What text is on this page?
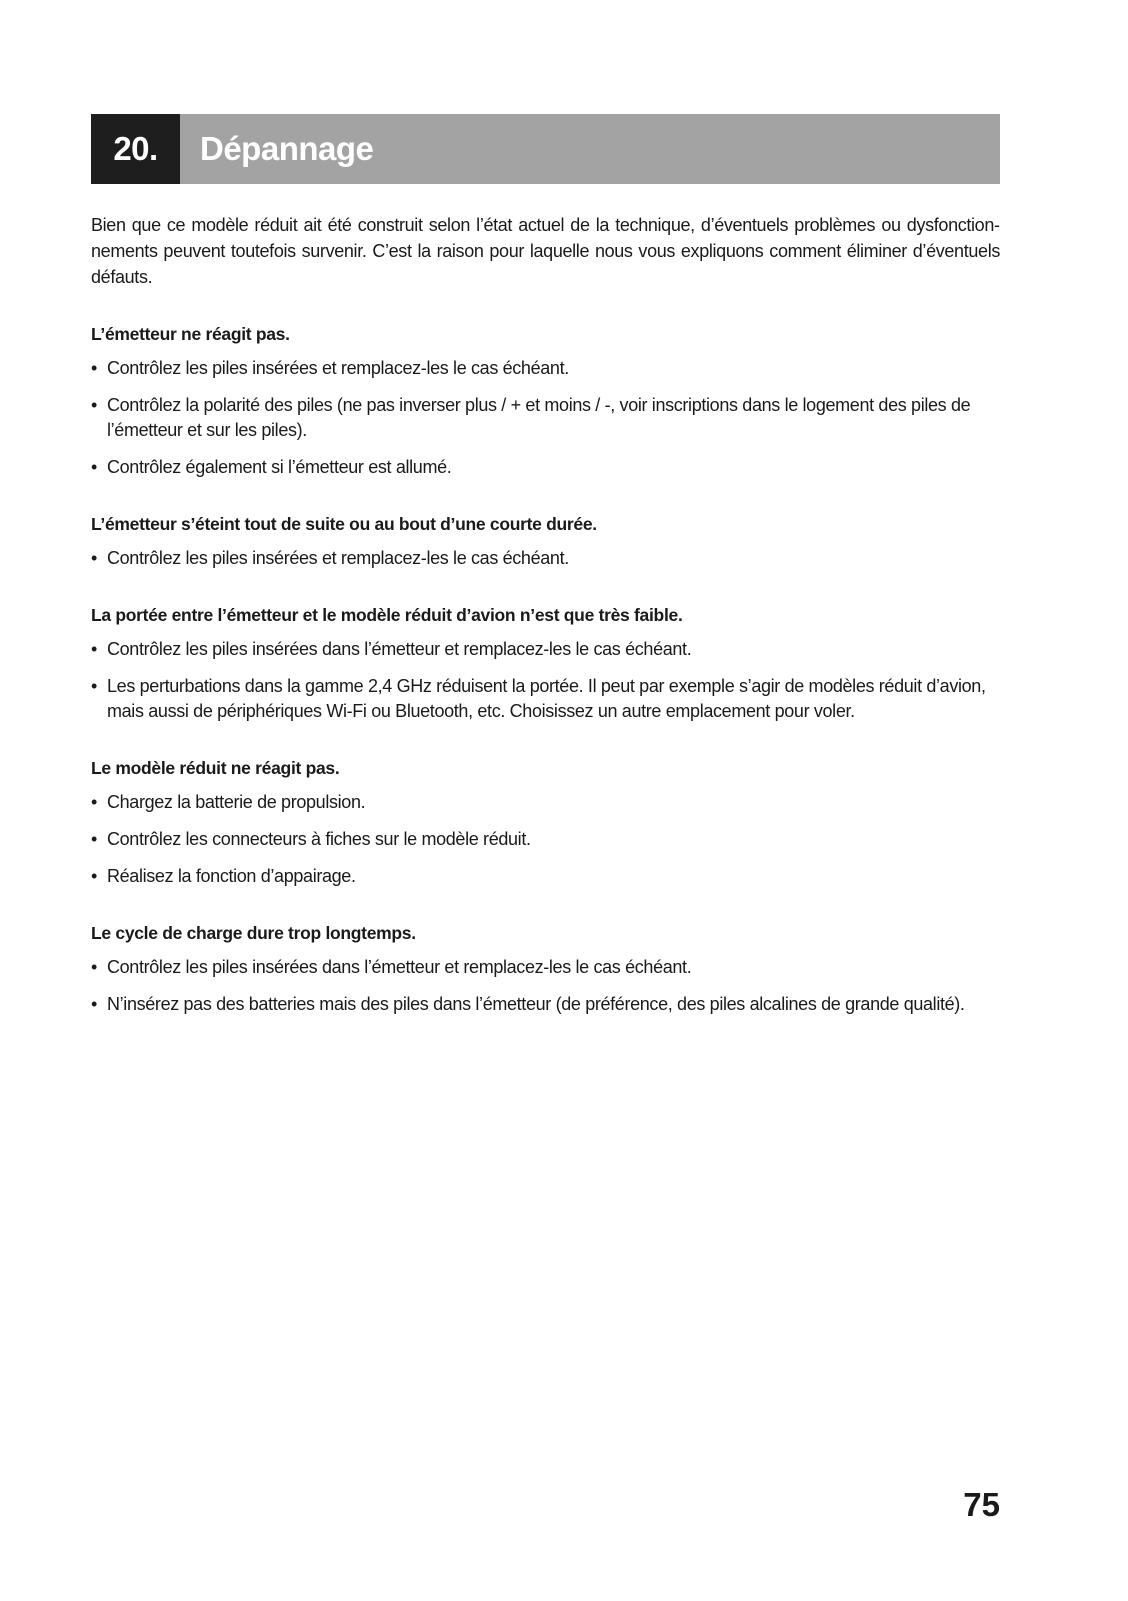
20.	Dépannage

Bien que ce modèle réduit ait été construit selon l’état actuel de la technique, d’éventuels problèmes ou dysfonctionnements peuvent toutefois survenir. C’est la raison pour laquelle nous vous expliquons comment éliminer d’éventuels défauts.

L’émetteur ne réagit pas.
• Contrôlez les piles insérées et remplacez-les le cas échéant.
• Contrôlez la polarité des piles (ne pas inverser plus / + et moins / -, voir inscriptions dans le logement des piles de l’émetteur et sur les piles).
• Contrôlez également si l’émetteur est allumé.
L’émetteur s’éteint tout de suite ou au bout d’une courte durée.
• Contrôlez les piles insérées et remplacez-les le cas échéant.
La portée entre l’émetteur et le modèle réduit d’avion n’est que très faible.
• Contrôlez les piles insérées dans l’émetteur et remplacez-les le cas échéant.
• Les perturbations dans la gamme 2,4 GHz réduisent la portée. Il peut par exemple s’agir de modèles réduit d’avion, mais aussi de périphériques Wi-Fi ou Bluetooth, etc. Choisissez un autre emplacement pour voler.
Le modèle réduit ne réagit pas.
• Chargez la batterie de propulsion.
• Contrôlez les connecteurs à fiches sur le modèle réduit.
• Réalisez la fonction d’appairage.
Le cycle de charge dure trop longtemps.
• Contrôlez les piles insérées dans l’émetteur et remplacez-les le cas échéant.
• N’insérez pas des batteries mais des piles dans l’émetteur (de préférence, des piles alcalines de grande qualité).
75
